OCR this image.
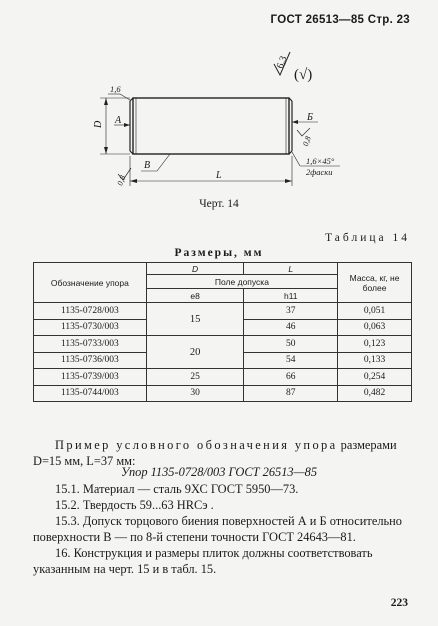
ГОСТ 26513—85 Стр. 23
6,3
(√)
D
1,6
А	Б
0,8
В
0,8
1,6×45°
2фаски
L
Черт. 14
Таблица 14
Размеры, мм
Обозначение упора	D	L	Масса, кг, не более
	Поле допуска		
	е8	h11	
1135-0728/003	15	37	0,051
1135-0730/003		46	0,063
1135-0733/003	20	50	0,123
1135-0736/003		54	0,133
1135-0739/003	25	66	0,254
1135-0744/003	30	87	0,482

Пример условного обозначения упора размерами

D=15 мм, L=37 мм:

Упор 1135-0728/003 ГОСТ 26513—85

15.1. Материал — сталь 9ХС ГОСТ 5950—73.

15.2. Твердость 59...63 HRCэ .

15.3. Допуск торцового биения поверхностей А и Б относительно поверхности В — по 8-й степени точности ГОСТ 24643—81.

16. Конструкция и размеры плиток должны соответствовать указанным на черт. 15 и в табл. 15.

223
